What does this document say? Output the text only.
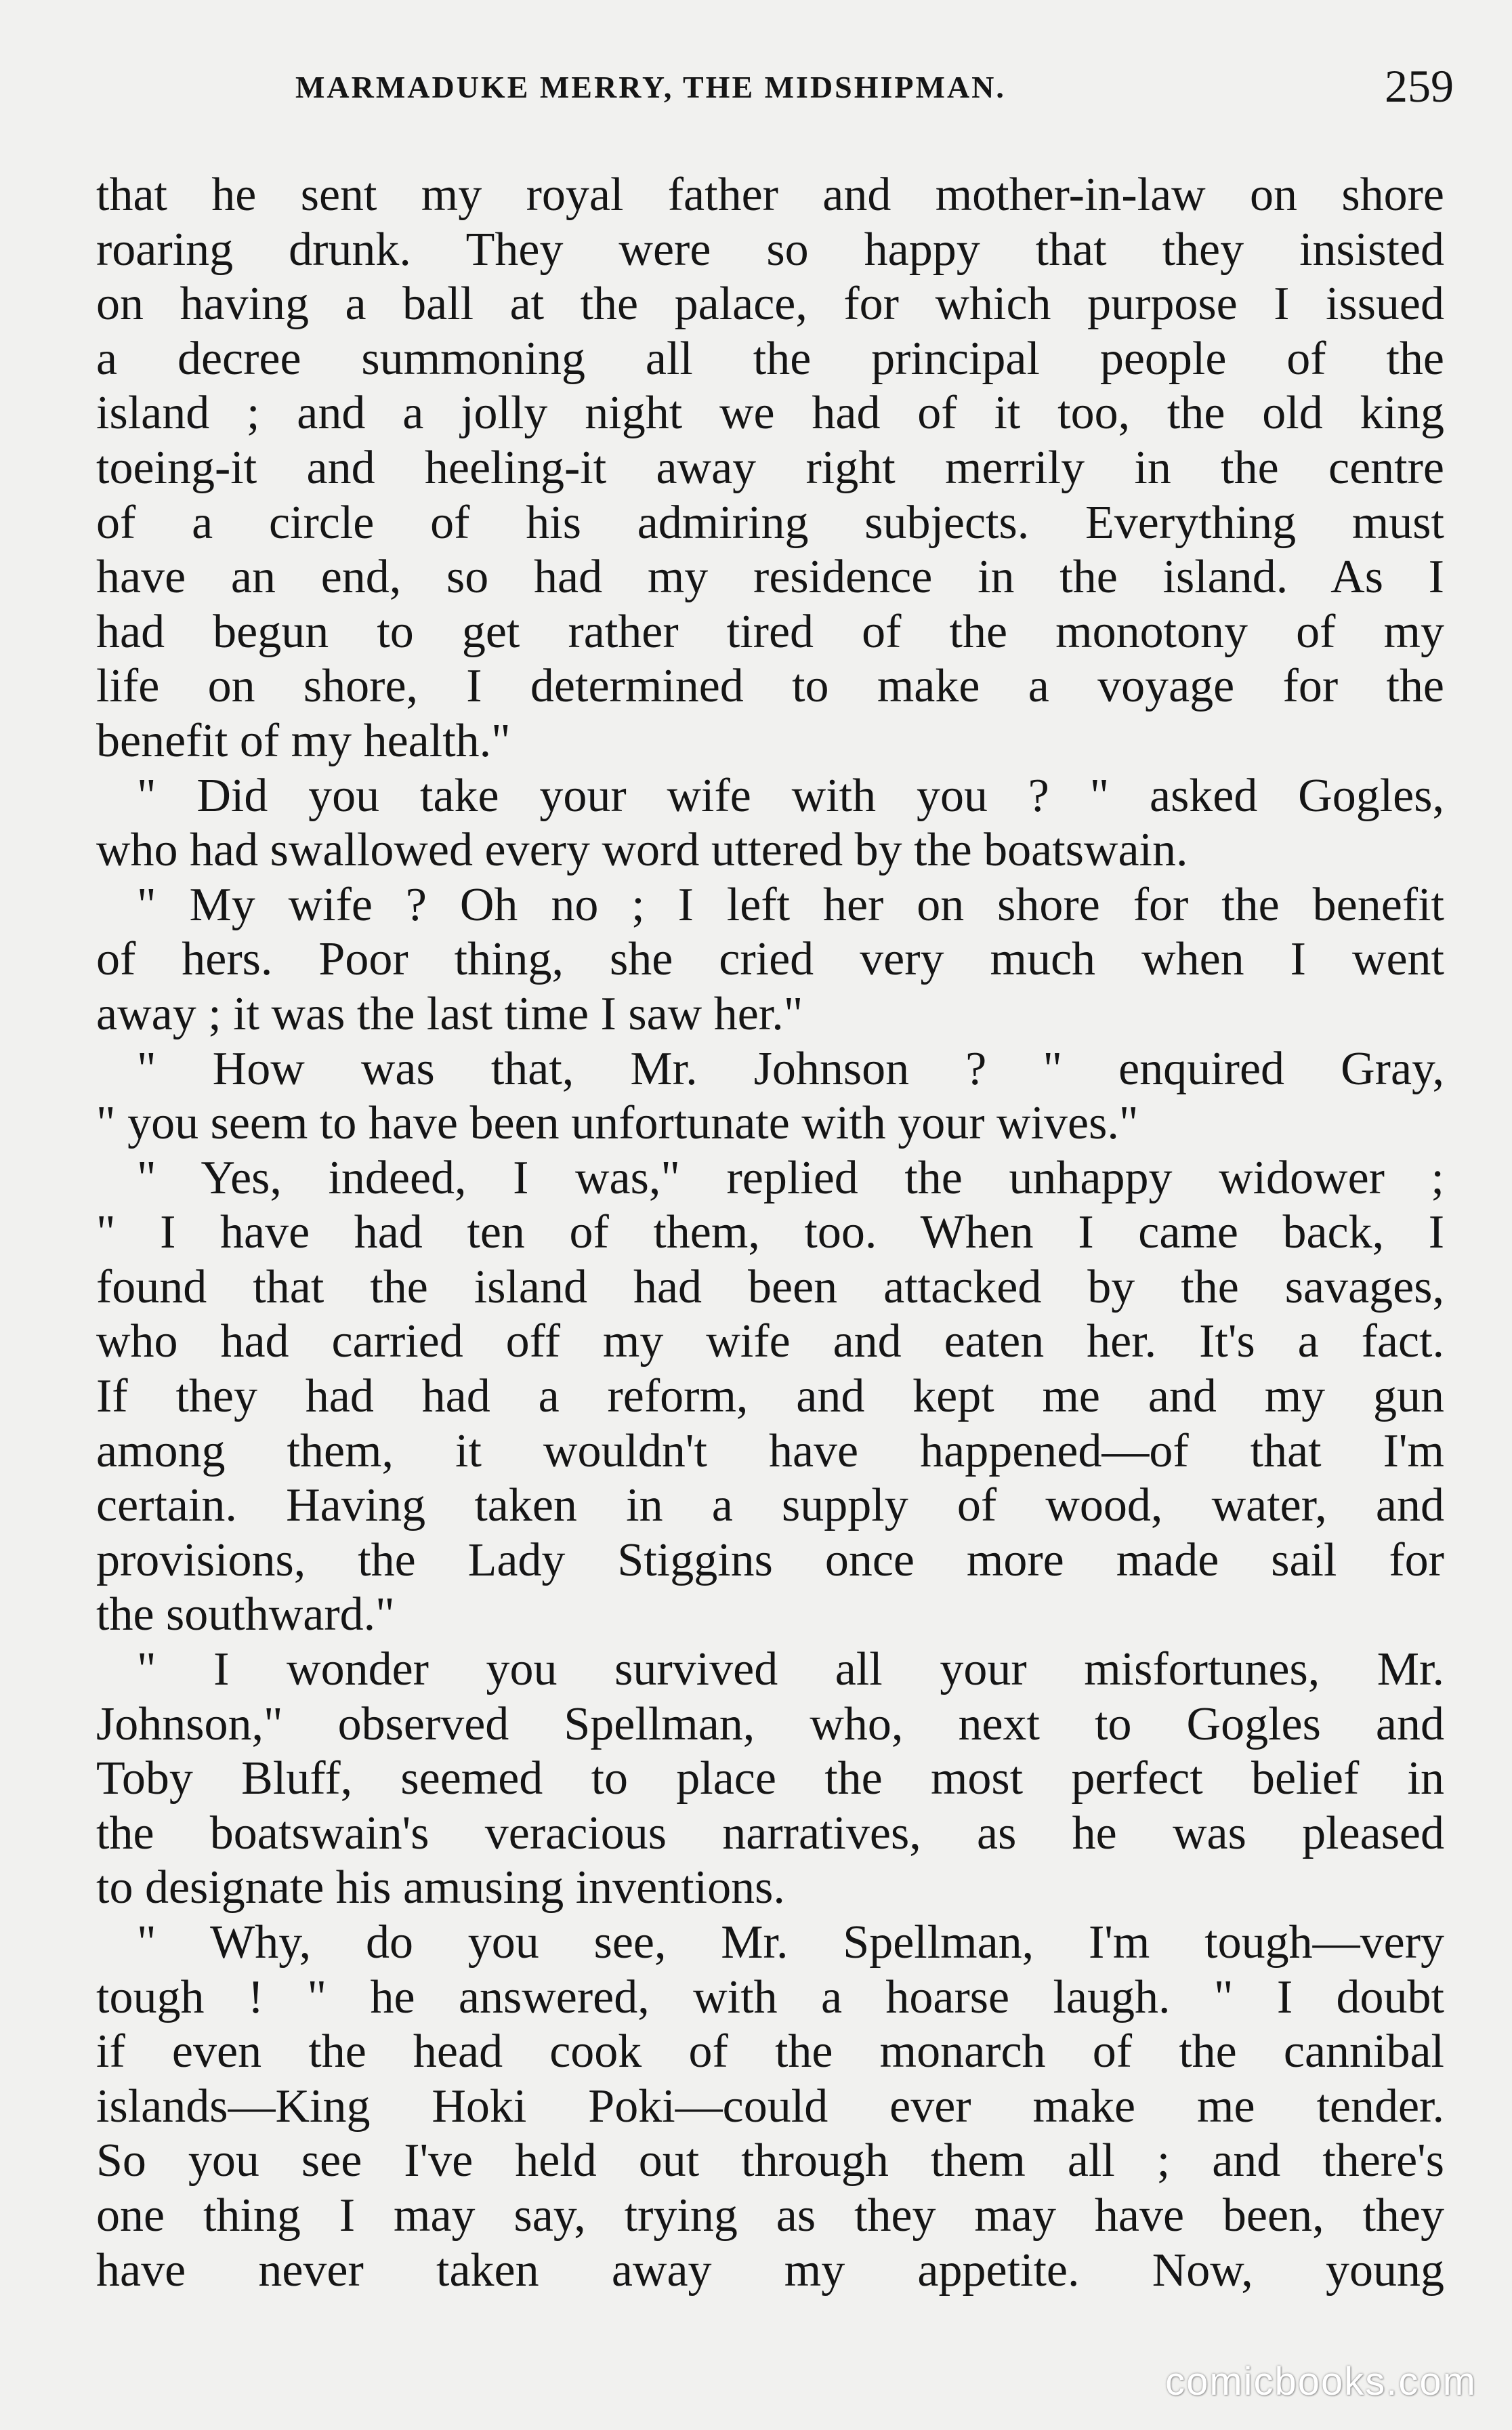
MARMADUKE MERRY, THE MIDSHIPMAN.	259
that he sent my royal father and mother-in-law on shore
roaring drunk. They were so happy that they insisted
on having a ball at the palace, for which purpose I issued
a decree summoning all the principal people of the
island ; and a jolly night we had of it too, the old king
toeing-it and heeling-it away right merrily in the centre
of a circle of his admiring subjects. Everything must
have an end, so had my residence in the island. As I
had begun to get rather tired of the monotony of my
life on shore, I determined to make a voyage for the
benefit of my health."
" Did you take your wife with you ? " asked Gogles,
who had swallowed every word uttered by the boatswain.
" My wife ? Oh no ; I left her on shore for the benefit
of hers. Poor thing, she cried very much when I went
away ; it was the last time I saw her."
" How was that, Mr. Johnson ? " enquired Gray,
" you seem to have been unfortunate with your wives."
" Yes, indeed, I was," replied the unhappy widower ;
" I have had ten of them, too. When I came back, I
found that the island had been attacked by the savages,
who had carried off my wife and eaten her. It's a fact.
If they had had a reform, and kept me and my gun
among them, it wouldn't have happened—of that I'm
certain. Having taken in a supply of wood, water, and
provisions, the Lady Stiggins once more made sail for
the southward."
" I wonder you survived all your misfortunes, Mr.
Johnson," observed Spellman, who, next to Gogles and
Toby Bluff, seemed to place the most perfect belief in
the boatswain's veracious narratives, as he was pleased
to designate his amusing inventions.
" Why, do you see, Mr. Spellman, I'm tough—very
tough ! " he answered, with a hoarse laugh. " I doubt
if even the head cook of the monarch of the cannibal
islands—King Hoki Poki—could ever make me tender.
So you see I've held out through them all ; and there's
one thing I may say, trying as they may have been, they
have never taken away my appetite. Now, young
comicbooks.com
